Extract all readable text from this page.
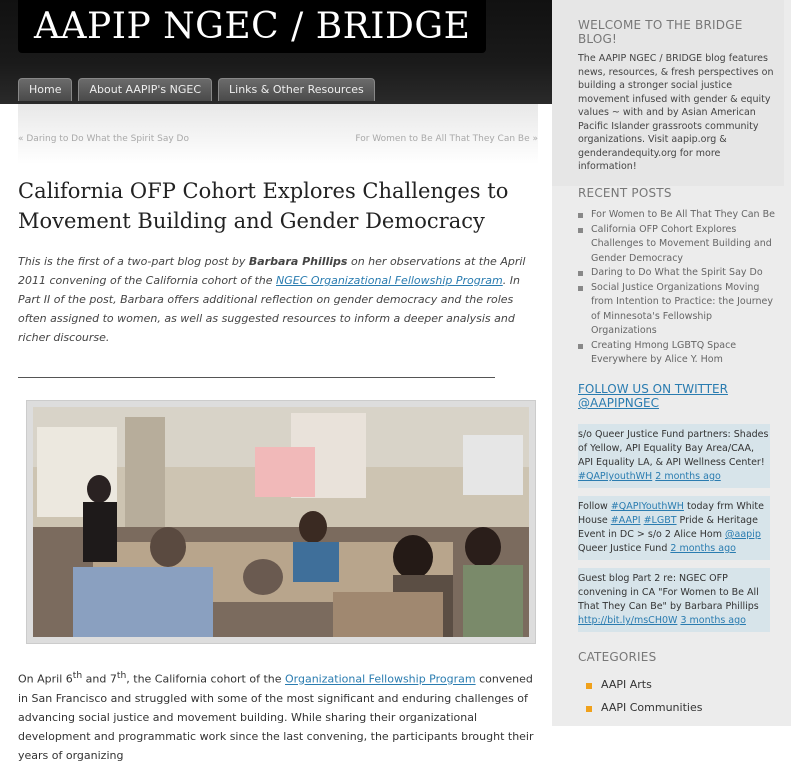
AAPIP NGEC / BRIDGE
Home	About AAPIP's NGEC	Links & Other Resources
« Daring to Do What the Spirit Say Do	For Women to Be All That They Can Be »
California OFP Cohort Explores Challenges to Movement Building and Gender Democracy

This is the first of a two-part blog post by Barbara Phillips on her observations at the April 2011 convening of the California cohort of the NGEC Organizational Fellowship Program. In Part II of the post, Barbara offers additional reflection on gender democracy and the roles often assigned to women, as well as suggested resources to inform a deeper analysis and richer discourse.

On April 6th and 7th, the California cohort of the Organizational Fellowship Program convened in San Francisco and struggled with some of the most significant and enduring challenges of advancing social justice and movement building. While sharing their organizational development and programmatic work since the last convening, the participants brought their years of organizing

WELCOME TO THE BRIDGE BLOG!

The AAPIP NGEC / BRIDGE blog features news, resources, & fresh perspectives on building a stronger social justice movement infused with gender & equity values ~ with and by Asian American Pacific Islander grassroots community organizations. Visit aapip.org & genderandequity.org for more information!

RECENT POSTS
For Women to Be All That They Can Be
California OFP Cohort Explores Challenges to Movement Building and Gender Democracy
Daring to Do What the Spirit Say Do
Social Justice Organizations Moving from Intention to Practice: the Journey of Minnesota's Fellowship Organizations
Creating Hmong LGBTQ Space Everywhere by Alice Y. Hom
FOLLOW US ON TWITTER @AAPIPNGEC
s/o Queer Justice Fund partners: Shades of Yellow, API Equality Bay Area/CAA, API Equality LA, & API Wellness Center! #QAPIyouthWH 2 months ago
Follow #QAPIYouthWH today frm White House #AAPI #LGBT Pride & Heritage Event in DC > s/o 2 Alice Hom @aapip Queer Justice Fund 2 months ago
Guest blog Part 2 re: NGEC OFP convening in CA "For Women to Be All That They Can Be" by Barbara Phillips http://bit.ly/msCH0W 3 months ago
CATEGORIES
AAPI Arts
AAPI Communities
